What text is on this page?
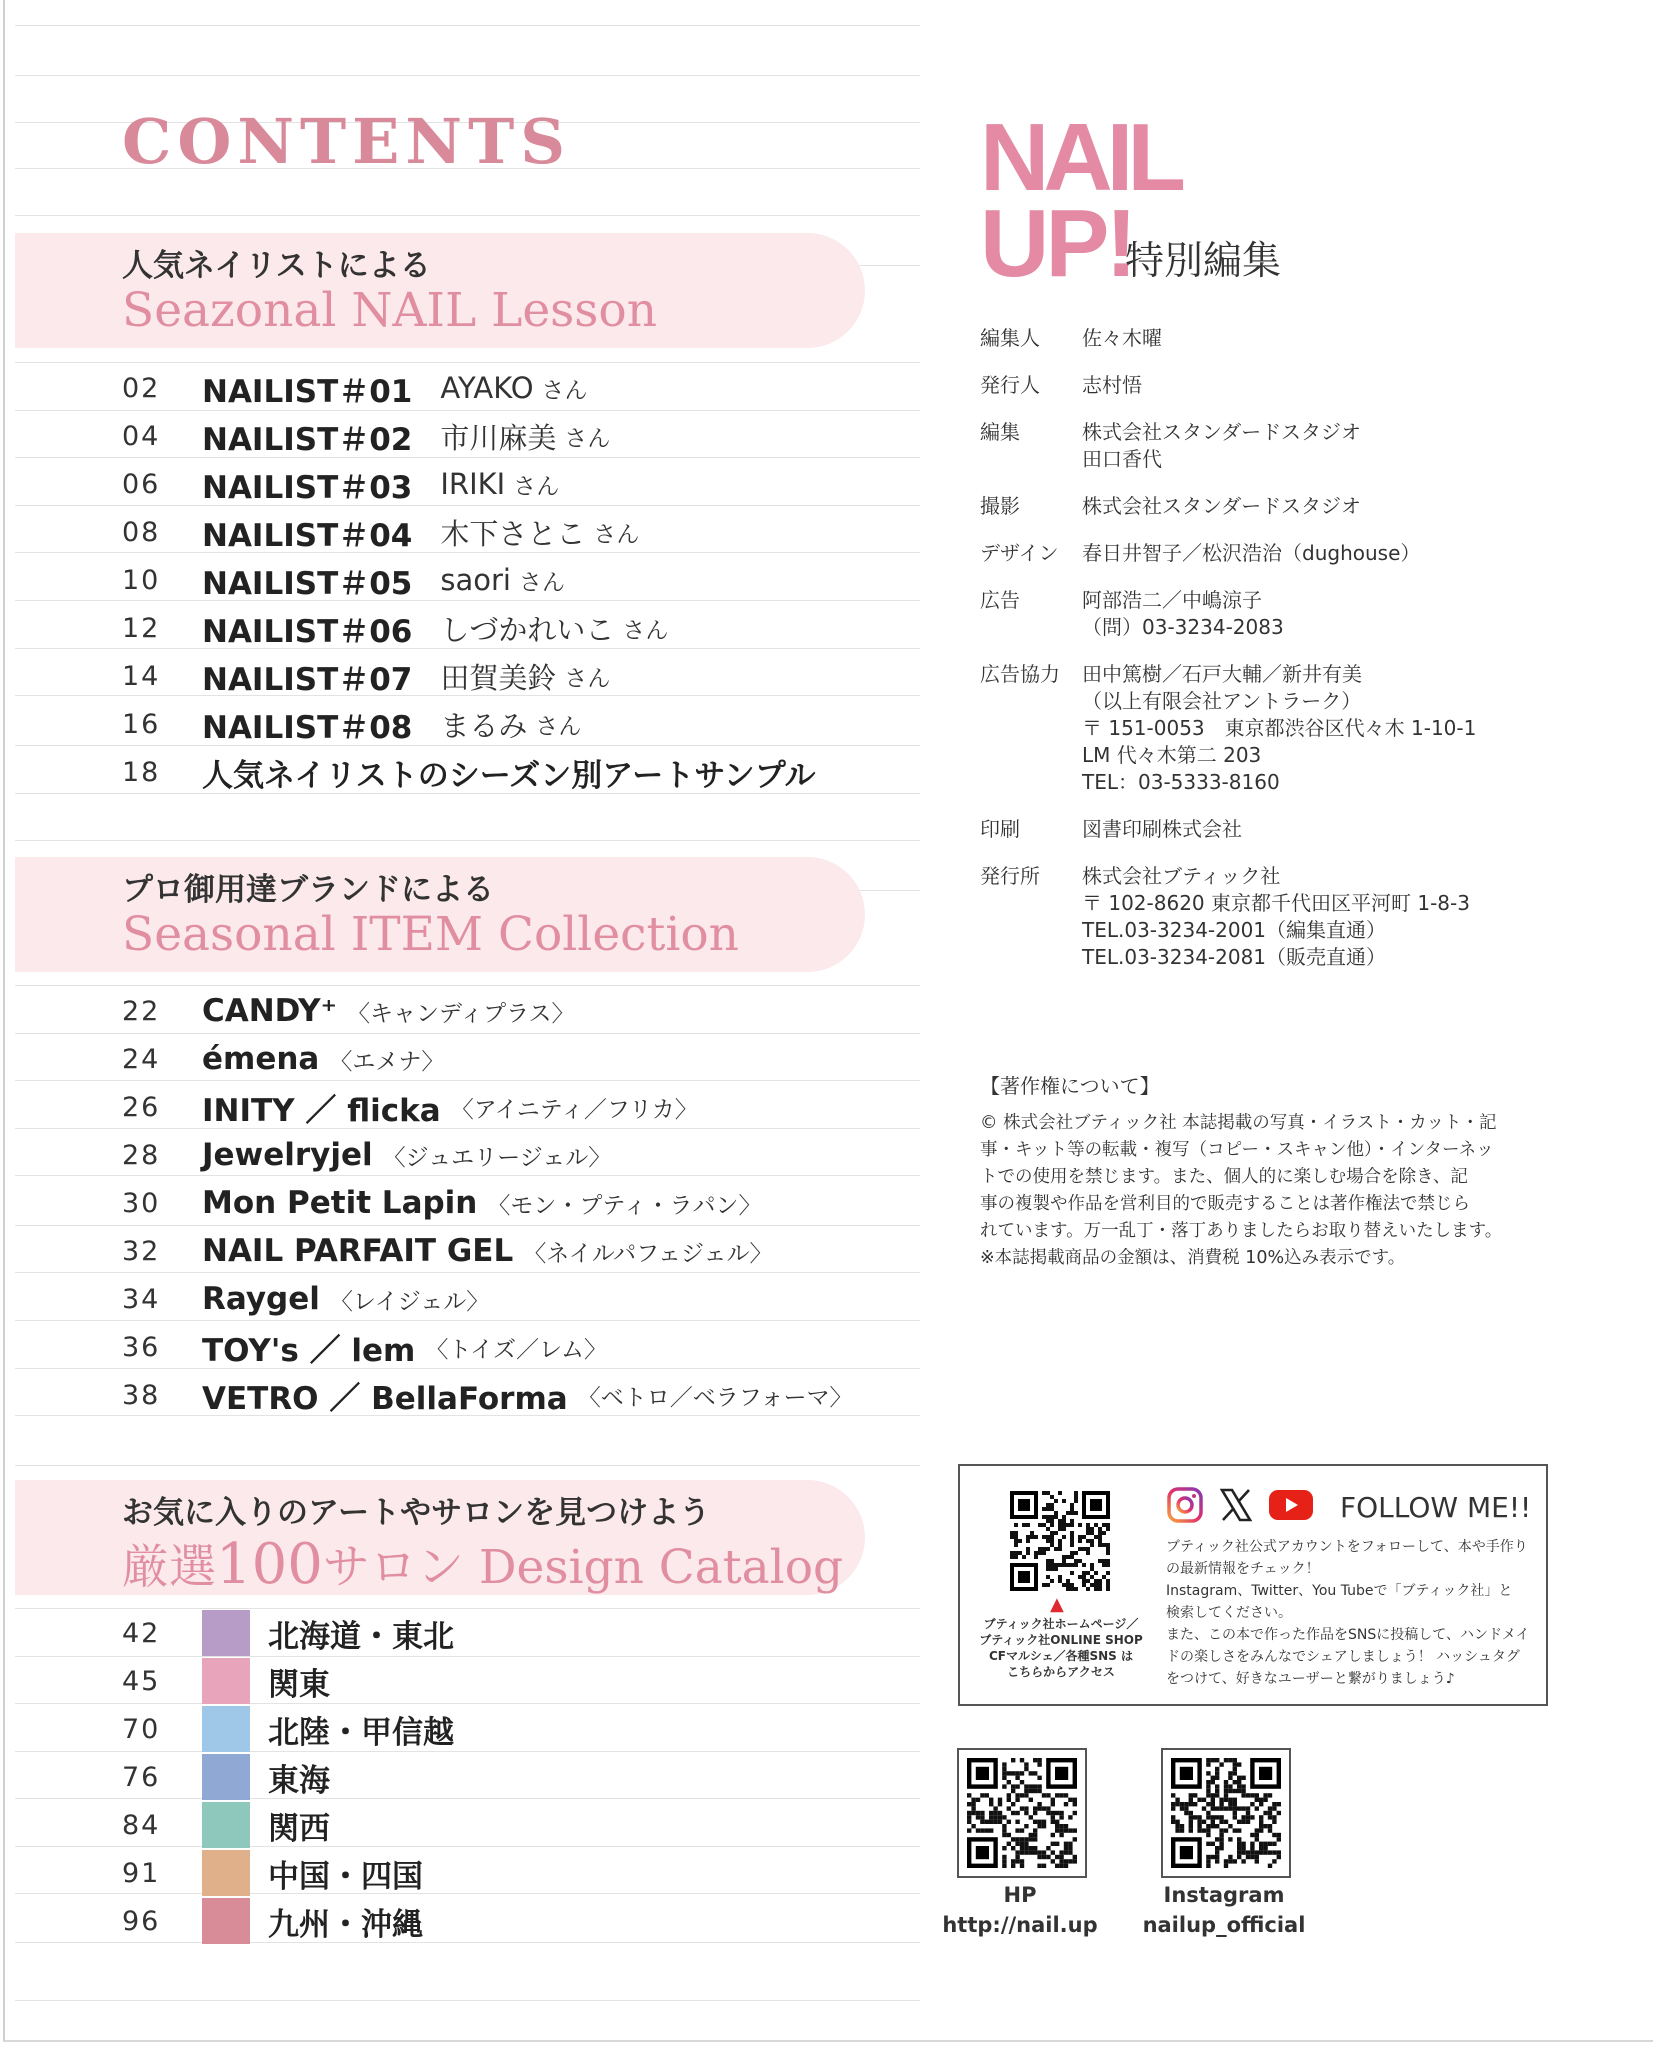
CONTENTS
人気ネイリストによる
Seazonal NAIL Lesson
02	NAILIST＃01 AYAKO さん
04	NAILIST＃02 市川麻美 さん
06	NAILIST＃03 IRIKI さん
08	NAILIST＃04 木下さとこ さん
10	NAILIST＃05 saori さん
12	NAILIST＃06 しづかれいこ さん
14	NAILIST＃07 田賀美鈴 さん
16	NAILIST＃08 まるみ さん
18	人気ネイリストのシーズン別アートサンプル
プロ御用達ブランドによる
Seasonal ITEM Collection
22	CANDY⁺ 〈キャンディプラス〉
24	émena 〈エメナ〉
26	INITY ／ flicka 〈アイニティ／フリカ〉
28	Jewelryjel 〈ジュエリージェル〉
30	Mon Petit Lapin 〈モン・プティ・ラパン〉
32	NAIL PARFAIT GEL 〈ネイルパフェジェル〉
34	Raygel 〈レイジェル〉
36	TOY's ／ lem 〈トイズ／レム〉
38	VETRO ／ BellaForma 〈ベトロ／ベラフォーマ〉
お気に入りのアートやサロンを見つけよう
厳選100サロン Design Catalog
42	北海道・東北
45	関東
70	北陸・甲信越
76	東海
84	関西
91	中国・四国
96	九州・沖縄
NAIL
UP!
特別編集
編集人	佐々木曜
発行人	志村悟
編集	株式会社スタンダードスタジオ
田口香代
撮影	株式会社スタンダードスタジオ
デザイン	春日井智子／松沢浩治（dughouse）
広告	阿部浩二／中嶋涼子
（問）03-3234-2083
広告協力	田中篤樹／石戸大輔／新井有美
（以上有限会社アントラーク）
〒 151-0053　東京都渋谷区代々木 1-10-1
LM 代々木第二 203
TEL：03-5333-8160
印刷	図書印刷株式会社
発行所	株式会社ブティック社
〒 102-8620 東京都千代田区平河町 1-8-3
TEL.03-3234-2001（編集直通）
TEL.03-3234-2081（販売直通）
【著作権について】
© 株式会社ブティック社 本誌掲載の写真・イラスト・カット・記
事・キット等の転載・複写（コピー・スキャン他）・インターネッ
トでの使用を禁じます。また、個人的に楽しむ場合を除き、記
事の複製や作品を営利目的で販売することは著作権法で禁じら
れています。万一乱丁・落丁ありましたらお取り替えいたします。
※本誌掲載商品の金額は、消費税 10%込み表示です。
▲
ブティック社ホームページ／
ブティック社ONLINE SHOP
CFマルシェ／各種SNS は
こちらからアクセス
FOLLOW ME!!
ブティック社公式アカウントをフォローして、本や手作り
の最新情報をチェック！
Instagram、Twitter、You Tubeで「ブティック社」と
検索してください。
また、この本で作った作品をSNSに投稿して、ハンドメイ
ドの楽しさをみんなでシェアしましょう！ ハッシュタグ
をつけて、好きなユーザーと繋がりましょう♪
HP
http://nail.up
Instagram
nailup_official
